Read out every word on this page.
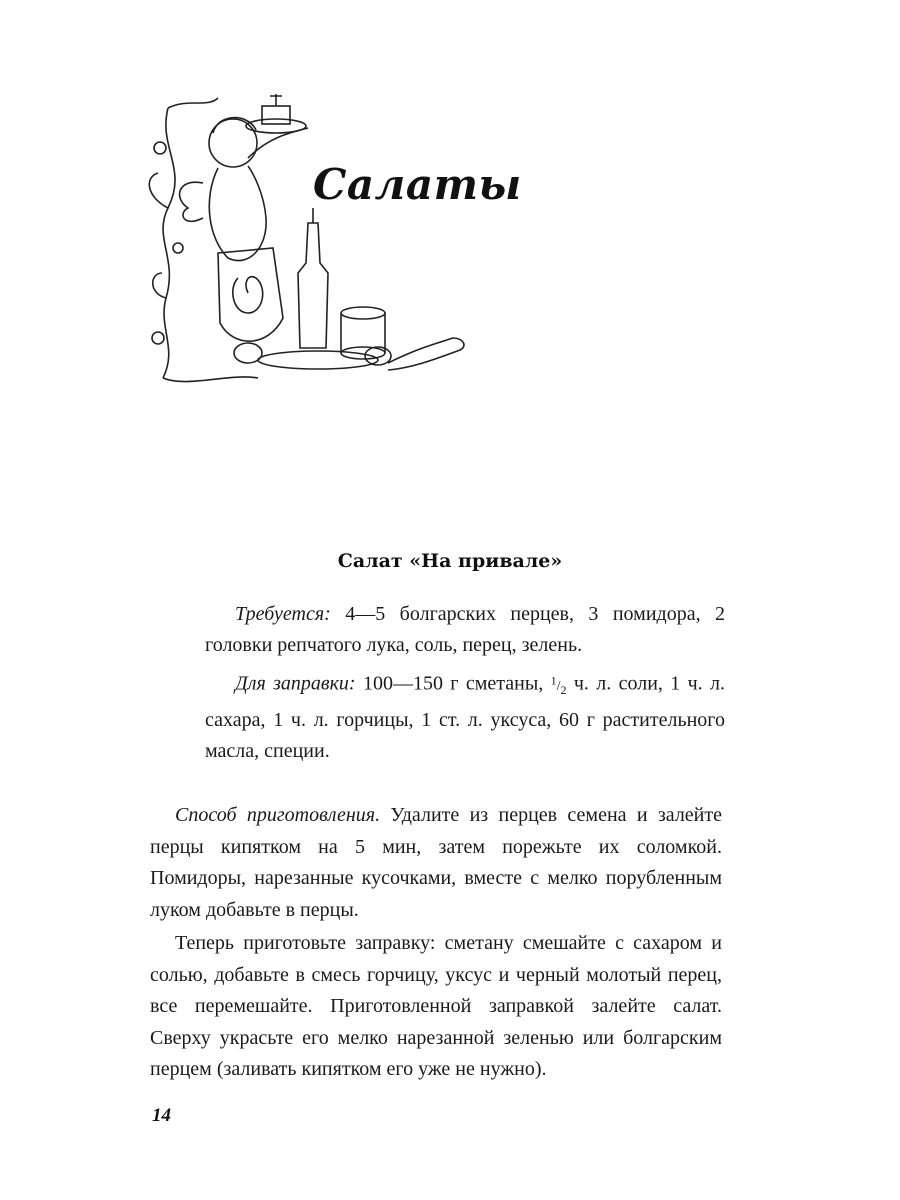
Салаты
Салат «На привале»

Требуется: 4—5 болгарских перцев, 3 помидора, 2 головки репчатого лука, соль, перец, зелень.

Для заправки: 100—150 г сметаны, $^1/_2$ ч. л. соли, 1 ч. л. сахара, 1 ч. л. горчицы, 1 ст. л. уксуса, 60 г растительного масла, специи.

Способ приготовления. Удалите из перцев семена и залейте перцы кипятком на 5 мин, затем порежьте их соломкой. Помидоры, нарезанные кусочками, вместе с мелко порубленным луком добавьте в перцы.

Теперь приготовьте заправку: сметану смешайте с сахаром и солью, добавьте в смесь горчицу, уксус и черный молотый перец, все перемешайте. Приготовленной заправкой залейте салат. Сверху украсьте его мелко нарезанной зеленью или болгарским перцем (заливать кипятком его уже не нужно).

14
